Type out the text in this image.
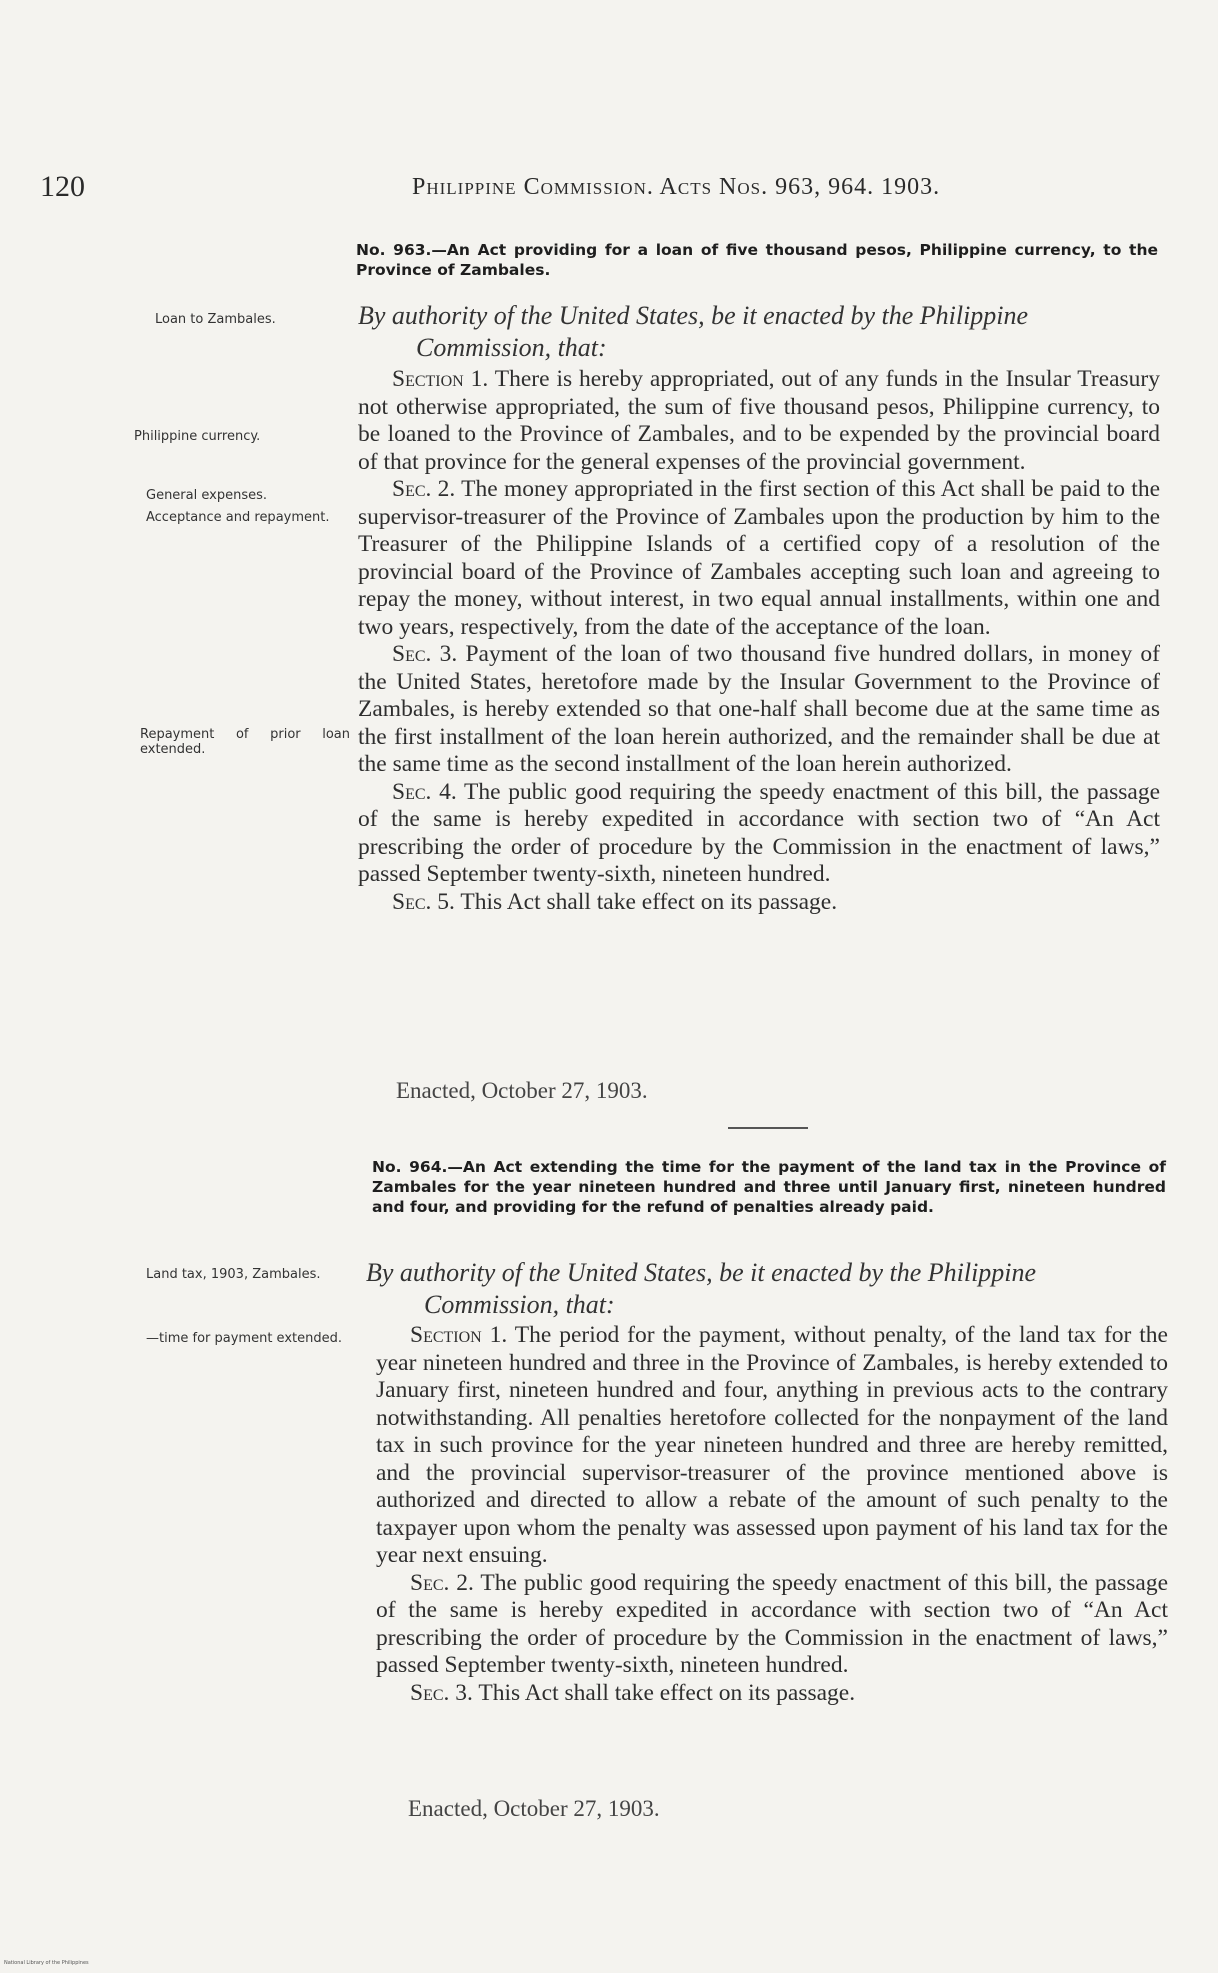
120	Philippine Commission. Acts Nos. 963, 964. 1903.
No. 963.—An Act providing for a loan of five thousand pesos, Philippine currency, to the Province of Zambales.
Loan to Zambales.	By authority of the United States, be it enacted by the Philippine
Commission, that:
Philippine currency.
General expenses.
Acceptance and repayment.
Repayment of prior loan extended.

Section 1. There is hereby appropriated, out of any funds in the Insular Treasury not otherwise appropriated, the sum of five thousand pesos, Philippine currency, to be loaned to the Province of Zambales, and to be expended by the provincial board of that province for the general expenses of the provincial government.

Sec. 2. The money appropriated in the first section of this Act shall be paid to the supervisor-treasurer of the Province of Zambales upon the production by him to the Treasurer of the Philippine Islands of a certified copy of a resolution of the provincial board of the Province of Zambales accepting such loan and agreeing to repay the money, without interest, in two equal annual installments, within one and two years, respectively, from the date of the acceptance of the loan.

Sec. 3. Payment of the loan of two thousand five hundred dollars, in money of the United States, heretofore made by the Insular Government to the Province of Zambales, is hereby extended so that one-half shall become due at the same time as the first installment of the loan herein authorized, and the remainder shall be due at the same time as the second installment of the loan herein authorized.

Sec. 4. The public good requiring the speedy enactment of this bill, the passage of the same is hereby expedited in accordance with section two of “An Act prescribing the order of procedure by the Commission in the enactment of laws,” passed September twenty-sixth, nineteen hundred.

Sec. 5. This Act shall take effect on its passage.

Enacted, October 27, 1903.
No. 964.—An Act extending the time for the payment of the land tax in the Province of Zambales for the year nineteen hundred and three until January first, nineteen hundred and four, and providing for the refund of penalties already paid.
Land tax, 1903, Zambales.	By authority of the United States, be it enacted by the Philippine
Commission, that:
—time for payment extended.	Section 1. The period for the payment, without penalty, of the land tax for the year nineteen hundred and three in the Province of Zambales, is hereby extended to January first, nineteen hundred and four, anything in previous acts to the contrary notwithstanding. All penalties heretofore collected for the nonpayment of the land tax in such province for the year nineteen hundred and three are hereby remitted, and the provincial supervisor-treasurer of the province mentioned above is authorized and directed to allow a rebate of the amount of such penalty to the taxpayer upon whom the penalty was assessed upon payment of his land tax for the year next ensuing.

Sec. 2. The public good requiring the speedy enactment of this bill, the passage of the same is hereby expedited in accordance with section two of “An Act prescribing the order of procedure by the Commission in the enactment of laws,” passed September twenty-sixth, nineteen hundred.

Sec. 3. This Act shall take effect on its passage.

Enacted, October 27, 1903.
National Library of the Philippines
